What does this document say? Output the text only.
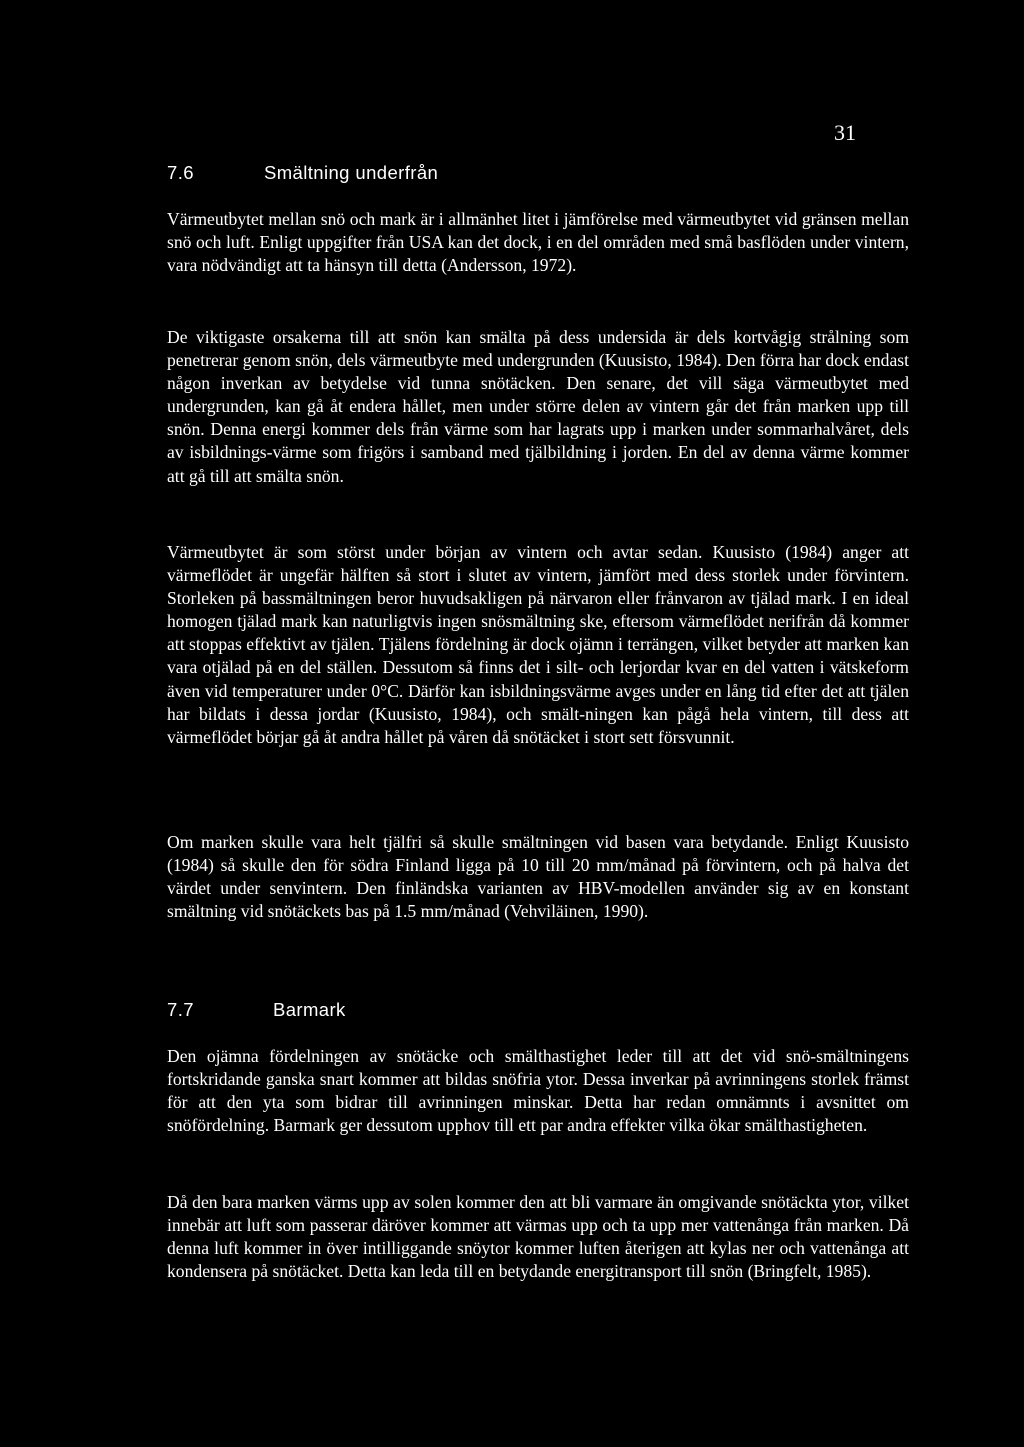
31
7.6	Smältning underfrån

Värmeutbytet mellan snö och mark är i allmänhet litet i jämförelse med värmeutbytet vid gränsen mellan snö och luft. Enligt uppgifter från USA kan det dock, i en del områden med små basflöden under vintern, vara nödvändigt att ta hänsyn till detta (Andersson, 1972).

De viktigaste orsakerna till att snön kan smälta på dess undersida är dels kortvågig strålning som penetrerar genom snön, dels värmeutbyte med undergrunden (Kuusisto, 1984). Den förra har dock endast någon inverkan av betydelse vid tunna snötäcken. Den senare, det vill säga värmeutbytet med undergrunden, kan gå åt endera hållet, men under större delen av vintern går det från marken upp till snön. Denna energi kommer dels från värme som har lagrats upp i marken under sommarhalvåret, dels av isbildnings-värme som frigörs i samband med tjälbildning i jorden. En del av denna värme kommer att gå till att smälta snön.

Värmeutbytet är som störst under början av vintern och avtar sedan. Kuusisto (1984) anger att värmeflödet är ungefär hälften så stort i slutet av vintern, jämfört med dess storlek under förvintern. Storleken på bassmältningen beror huvudsakligen på närvaron eller frånvaron av tjälad mark. I en ideal homogen tjälad mark kan naturligtvis ingen snösmältning ske, eftersom värmeflödet nerifrån då kommer att stoppas effektivt av tjälen. Tjälens fördelning är dock ojämn i terrängen, vilket betyder att marken kan vara otjälad på en del ställen. Dessutom så finns det i silt- och lerjordar kvar en del vatten i vätskeform även vid temperaturer under 0°C. Därför kan isbildningsvärme avges under en lång tid efter det att tjälen har bildats i dessa jordar (Kuusisto, 1984), och smält-ningen kan pågå hela vintern, till dess att värmeflödet börjar gå åt andra hållet på våren då snötäcket i stort sett försvunnit.

Om marken skulle vara helt tjälfri så skulle smältningen vid basen vara betydande. Enligt Kuusisto (1984) så skulle den för södra Finland ligga på 10 till 20 mm/månad på förvintern, och på halva det värdet under senvintern. Den finländska varianten av HBV-modellen använder sig av en konstant smältning vid snötäckets bas på 1.5 mm/månad (Vehviläinen, 1990).

7.7	Barmark

Den ojämna fördelningen av snötäcke och smälthastighet leder till att det vid snö-smältningens fortskridande ganska snart kommer att bildas snöfria ytor. Dessa inverkar på avrinningens storlek främst för att den yta som bidrar till avrinningen minskar. Detta har redan omnämnts i avsnittet om snöfördelning. Barmark ger dessutom upphov till ett par andra effekter vilka ökar smälthastigheten.

Då den bara marken värms upp av solen kommer den att bli varmare än omgivande snötäckta ytor, vilket innebär att luft som passerar däröver kommer att värmas upp och ta upp mer vattenånga från marken. Då denna luft kommer in över intilliggande snöytor kommer luften återigen att kylas ner och vattenånga att kondensera på snötäcket. Detta kan leda till en betydande energitransport till snön (Bringfelt, 1985).
